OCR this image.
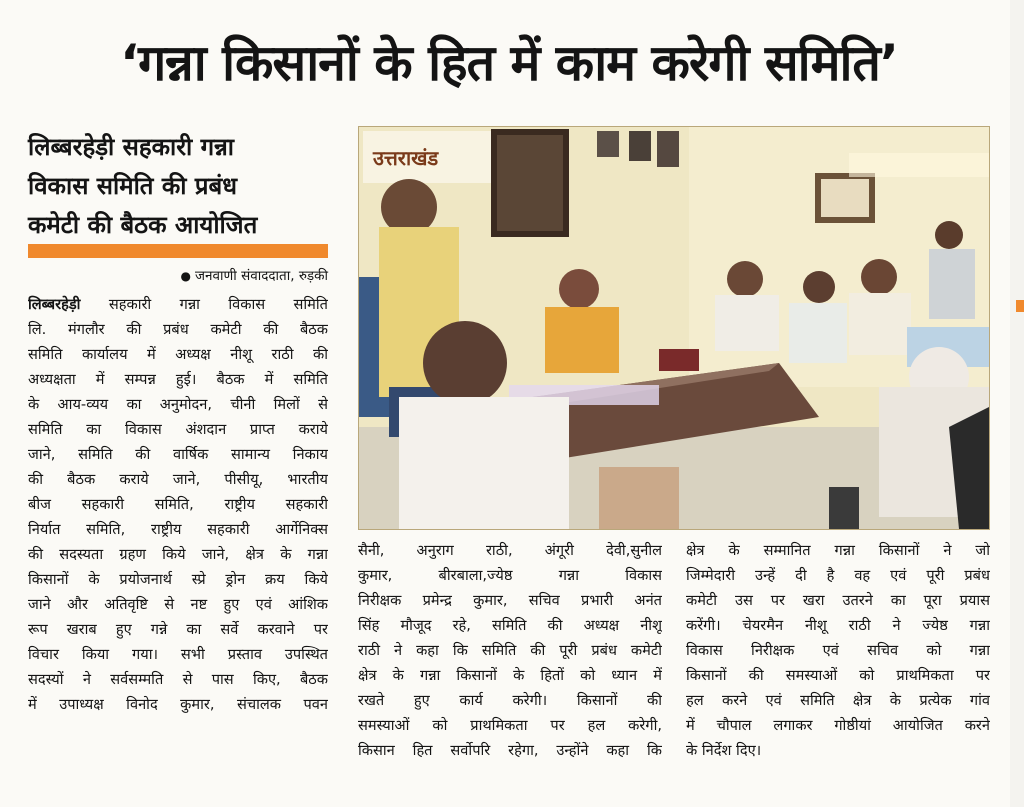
‘गन्ना किसानों के हित में काम करेगी समिति’
लिब्बरहेड़ी सहकारी गन्ना
विकास समिति की प्रबंध
कमेटी की बैठक आयोजित
● जनवाणी संवाददाता, रुड़की
लिब्बरहेड़ी सहकारी गन्ना विकास समिति
लि. मंगलौर की प्रबंध कमेटी की बैठक
समिति कार्यालय में अध्यक्ष नीशू राठी की
अध्यक्षता में सम्पन्न हुई। बैठक में समिति
के आय-व्यय का अनुमोदन, चीनी मिलों से
समिति का विकास अंशदान प्राप्त कराये
जाने, समिति की वार्षिक सामान्य निकाय
की बैठक कराये जाने, पीसीयू, भारतीय
बीज सहकारी समिति, राष्ट्रीय सहकारी
निर्यात समिति, राष्ट्रीय सहकारी आर्गेनिक्स
की सदस्यता ग्रहण किये जाने, क्षेत्र के गन्ना
किसानों के प्रयोजनार्थ स्प्रे ड्रोन क्रय किये
जाने और अतिवृष्टि से नष्ट हुए एवं आंशिक
रूप खराब हुए गन्ने का सर्वे करवाने पर
विचार किया गया। सभी प्रस्ताव उपस्थित
सदस्यों ने सर्वसम्मति से पास किए, बैठक
में उपाध्यक्ष विनोद कुमार, संचालक पवन
उत्तराखंड
सैनी, अनुराग राठी, अंगूरी देवी,सुनील
कुमार, बीरबाला,ज्येष्ठ गन्ना विकास
निरीक्षक प्रमेन्द्र कुमार, सचिव प्रभारी अनंत
सिंह मौजूद रहे, समिति की अध्यक्ष नीशू
राठी ने कहा कि समिति की पूरी प्रबंध कमेटी
क्षेत्र के गन्ना किसानों के हितों को ध्यान में
रखते हुए कार्य करेगी। किसानों की
समस्याओं को प्राथमिकता पर हल करेगी,
किसान हित सर्वोपरि रहेगा, उन्होंने कहा कि
क्षेत्र के सम्मानित गन्ना किसानों ने जो
जिम्मेदारी उन्हें दी है वह एवं पूरी प्रबंध
कमेटी उस पर खरा उतरने का पूरा प्रयास
करेंगी। चेयरमैन नीशू राठी ने ज्येष्ठ गन्ना
विकास निरीक्षक एवं सचिव को गन्ना
किसानों की समस्याओं को प्राथमिकता पर
हल करने एवं समिति क्षेत्र के प्रत्येक गांव
में चौपाल लगाकर गोष्ठीयां आयोजित करने
के निर्देश दिए।
